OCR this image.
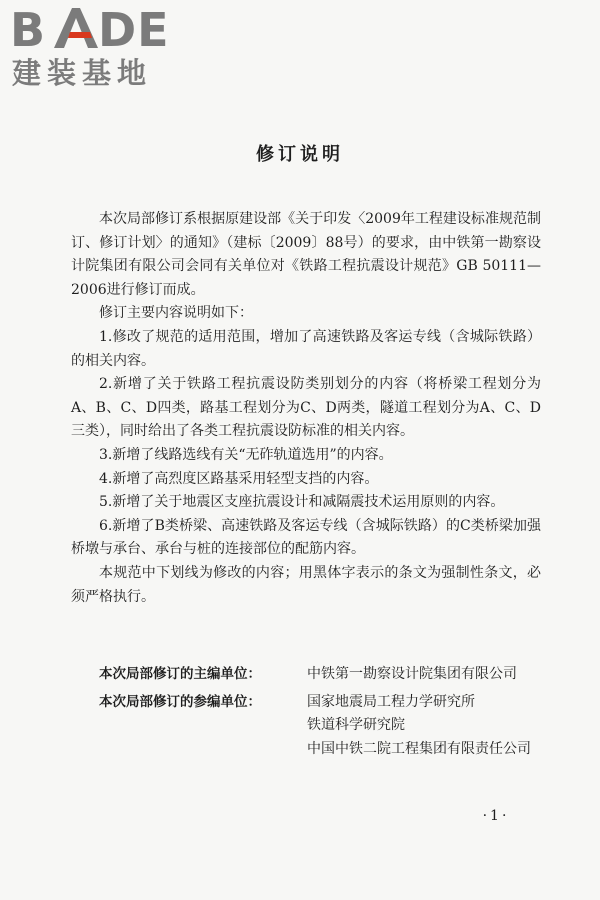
B DE
建装基地
修订说明

本次局部修订系根据原建设部《关于印发〈2009年工程建设标准规范制订、修订计划〉的通知》（建标〔2009〕88号）的要求，由中铁第一勘察设计院集团有限公司会同有关单位对《铁路工程抗震设计规范》GB 50111—2006进行修订而成。

修订主要内容说明如下：

1.修改了规范的适用范围，增加了高速铁路及客运专线（含城际铁路）的相关内容。

2.新增了关于铁路工程抗震设防类别划分的内容（将桥梁工程划分为A、B、C、D四类，路基工程划分为C、D两类，隧道工程划分为A、C、D三类），同时给出了各类工程抗震设防标准的相关内容。

3.新增了线路选线有关“无砟轨道选用”的内容。

4.新增了高烈度区路基采用轻型支挡的内容。

5.新增了关于地震区支座抗震设计和减隔震技术运用原则的内容。

6.新增了B类桥梁、高速铁路及客运专线（含城际铁路）的C类桥梁加强桥墩与承台、承台与桩的连接部位的配筋内容。

本规范中下划线为修改的内容；用黑体字表示的条文为强制性条文，必须严格执行。

本次局部修订的主编单位：	中铁第一勘察设计院集团有限公司
本次局部修订的参编单位：	国家地震局工程力学研究所
铁道科学研究院
中国中铁二院工程集团有限责任公司
·1·
